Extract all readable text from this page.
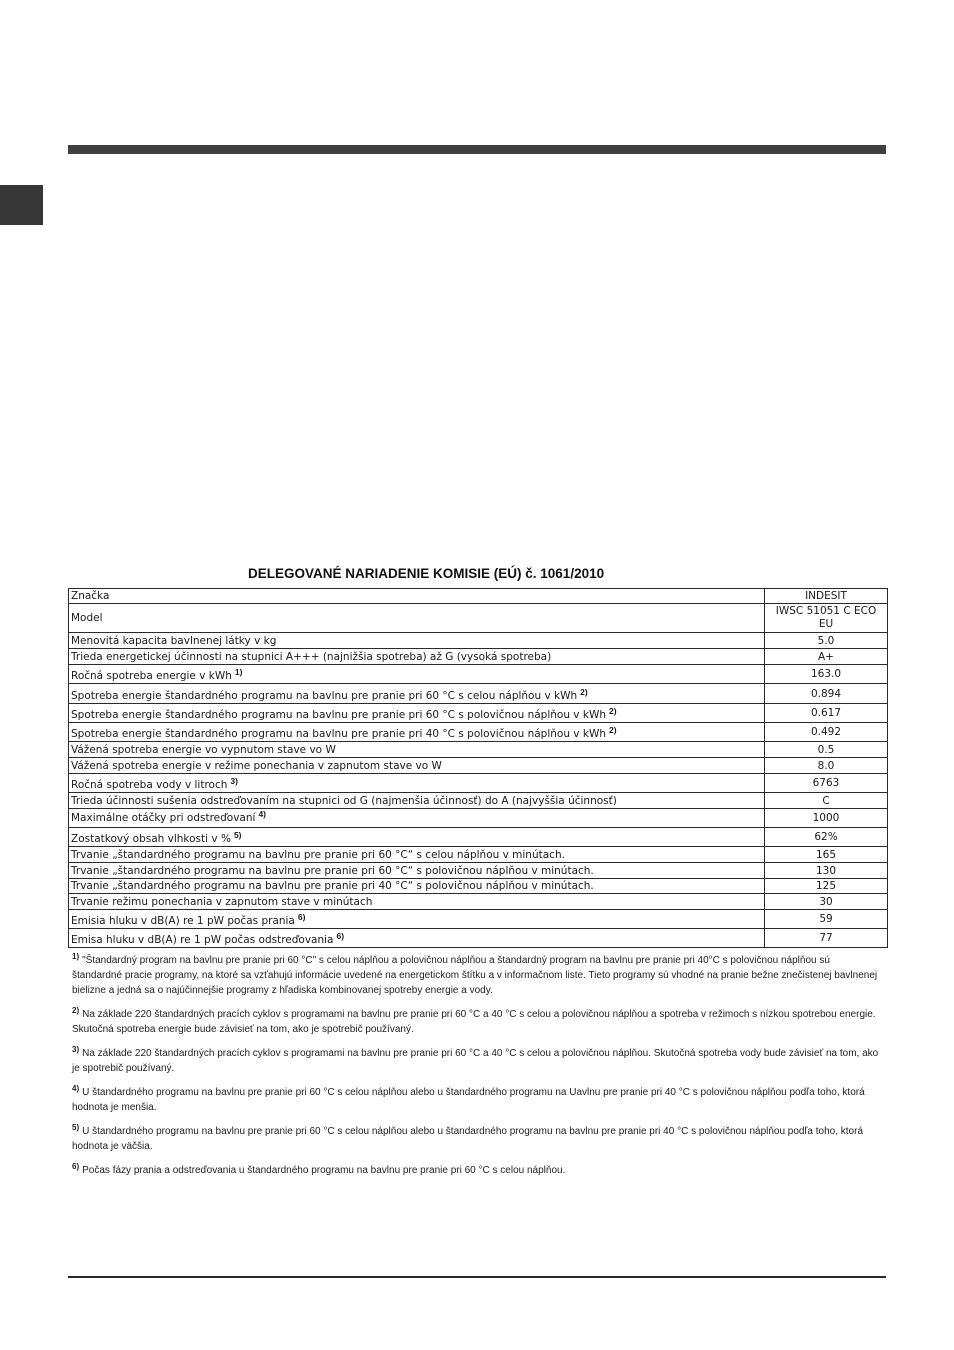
DELEGOVANÉ NARIADENIE KOMISIE (EÚ) č. 1061/2010
Značka	INDESIT
Model	IWSC 51051 C ECO EU
Menovitá kapacita bavlnenej látky v kg	5.0
Trieda energetickej účinnosti na stupnici A+++ (najnižšia spotreba) až G (vysoká spotreba)	A+
Ročná spotreba energie v kWh $^{1)}$	163.0
Spotreba energie štandardného programu na bavlnu pre pranie pri 60 °C s celou náplňou v kWh $^{2)}$	0.894
Spotreba energie štandardného programu na bavlnu pre pranie pri 60 °C s polovičnou náplňou v kWh $^{2)}$	0.617
Spotreba energie štandardného programu na bavlnu pre pranie pri 40 °C s polovičnou náplňou v kWh $^{2)}$	0.492
Vážená spotreba energie vo vypnutom stave vo W	0.5
Vážená spotreba energie v režime ponechania v zapnutom stave vo W	8.0
Ročná spotreba vody v litroch $^{3)}$	6763
Trieda účinnosti sušenia odstreďovaním na stupnici od G (najmenšia účinnosť) do A (najvyššia účinnosť)	C
Maximálne otáčky pri odstreďovaní $^{4)}$	1000
Zostatkový obsah vlhkosti v % $^{5)}$	62%
Trvanie „štandardného programu na bavlnu pre pranie pri 60 °C“ s celou náplňou v minútach.	165
Trvanie „štandardného programu na bavlnu pre pranie pri 60 °C“ s polovičnou náplňou v minútach.	130
Trvanie „štandardného programu na bavlnu pre pranie pri 40 °C“ s polovičnou náplňou v minútach.	125
Trvanie režimu ponechania v zapnutom stave v minútach	30
Emisia hluku v dB(A) re 1 pW počas prania $^{6)}$	59
Emisa hluku v dB(A) re 1 pW počas odstreďovania $^{6)}$	77

$^{1)}$ "Štandardný program na bavlnu pre pranie pri 60 °C" s celou náplňou a polovičnou náplňou a štandardný program na bavlnu pre pranie pri 40°C s polovičnou náplňou sú štandardné pracie programy, na ktoré sa vzťahujú informácie uvedené na energetickom štítku a v informačnom liste. Tieto programy sú vhodné na pranie bežne znečistenej bavlnenej bielizne a jedná sa o najúčinnejšie programy z hľadiska kombinovanej spotreby energie a vody.

$^{2)}$ Na základe 220 štandardných pracích cyklov s programami na bavlnu pre pranie pri 60 °C a 40 °C s celou a polovičnou náplňou a spotreba v režimoch s nízkou spotrebou energie. Skutočná spotreba energie bude závisieť na tom, ako je spotrebič používaný.

$^{3)}$ Na základe 220 štandardných pracích cyklov s programami na bavlnu pre pranie pri 60 °C a 40 °C s celou a polovičnou náplňou. Skutočná spotreba vody bude závisieť na tom, ako je spotrebič používaný.

$^{4)}$ U štandardného programu na bavlnu pre pranie pri 60 °C s celou náplňou alebo u štandardného programu na Uavlnu pre pranie pri 40 °C s polovičnou náplňou podľa toho, ktorá hodnota je menšia.

$^{5)}$ U štandardného programu na bavlnu pre pranie pri 60 °C s celou náplňou alebo u štandardného programu na bavlnu pre pranie pri 40 °C s polovičnou náplňou podľa toho, ktorá hodnota je väčšia.

$^{6)}$ Počas fázy prania a odstreďovania u štandardného programu na bavlnu pre pranie pri 60 °C s celou náplňou.
